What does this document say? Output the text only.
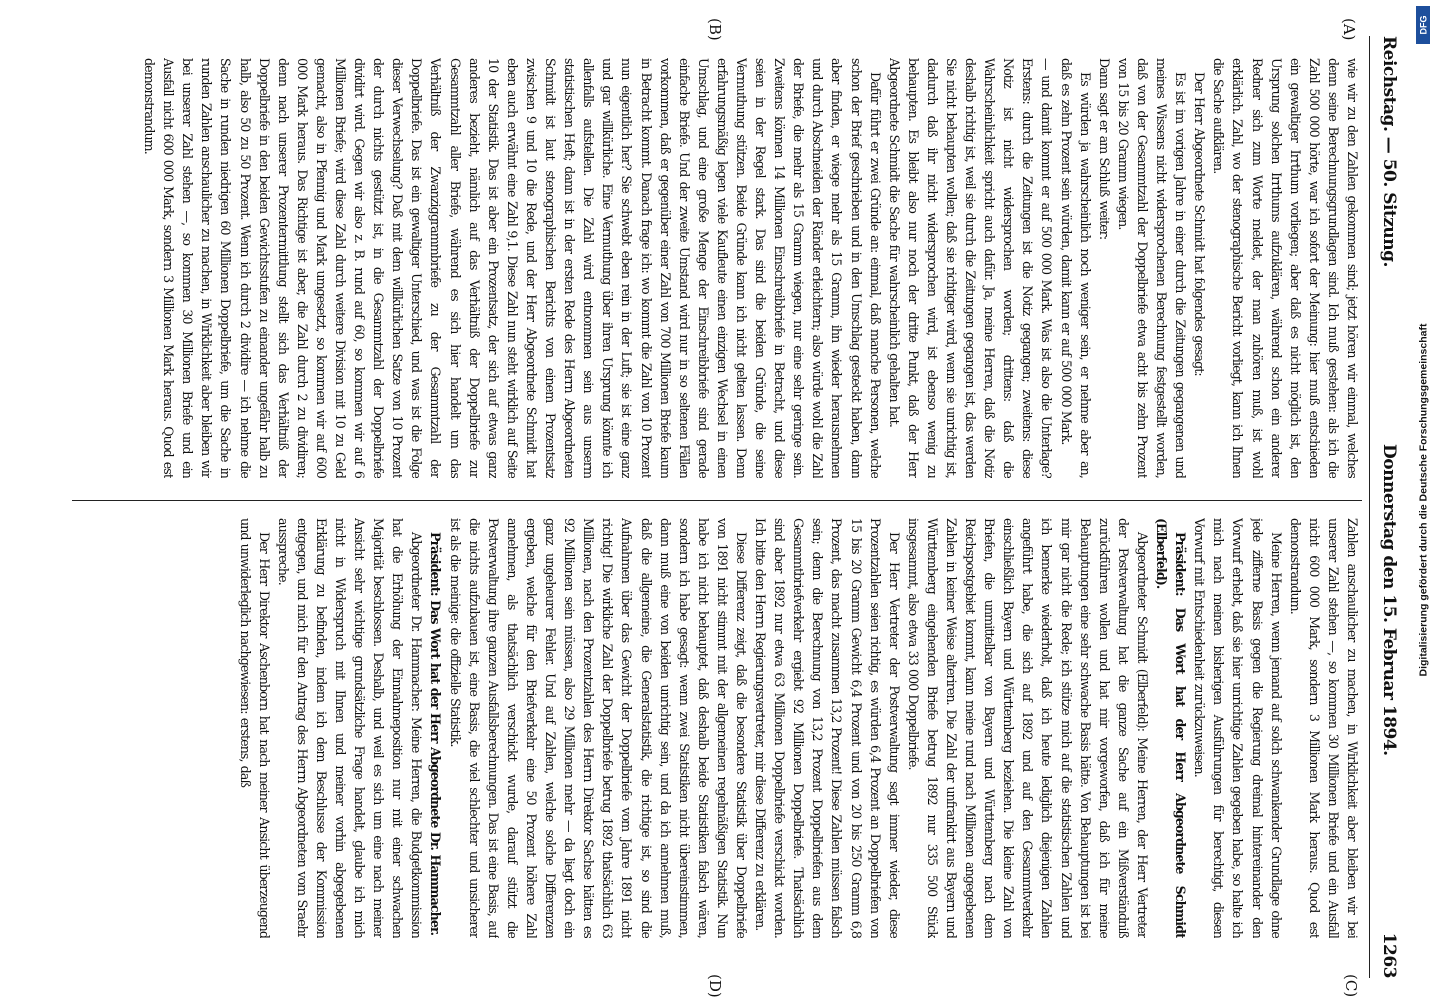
Reichstag. — 50. Sitzung.
Donnerstag den 15. Februar 1894.
1263
(A)
(B)
(C)
(D)

wie wir zu den Zahlen gekommen sind; jetzt hören wir einmal, welches denn seine Berechnungsgrundlagen sind. Ich muß gestehen: als ich die Zahl 500 000 hörte, war ich sofort der Meinung: hier muß entschieden ein gewaltiger Irrthum vorliegen; aber daß es nicht möglich ist, den Ursprung solchen Irrthums aufzuklären, während schon ein anderer Redner sich zum Worte meldet, der man zuhören muß, ist wohl erklärlich. Zahl, wo der stenographische Bericht vorliegt, kann ich Ihnen die Sache aufklären.

Der Herr Abgeordnete Schmidt hat folgendes gesagt:

Es ist im vorigen Jahre in einer durch die Zeitungen gegangenen und meines Wissens nicht widersprochenen Berechnung festgestellt worden, daß von der Gesammtzahl der Doppelbriefe etwa acht bis zehn Prozent von 15 bis 20 Gramm wiegen.

Dann sagt er am Schluß weiter:

Es würden ja wahrscheinlich noch weniger sein, er nehme aber an, daß es zehn Prozent sein würden, damit kann er auf 500 000 Mark.

— und damit kommt er auf 500 000 Mark. Was ist also die Unterlage? Erstens: durch die Zeitungen ist die Notiz gegangen; zweitens: diese Notiz ist nicht widersprochen worden; drittens: daß die Wahrscheinlichkeit spricht auch dafür. Ja, meine Herren, daß die Notiz deshalb richtig ist, weil sie durch die Zeitungen gegangen ist, das werden Sie nicht behaupten wollen; daß sie richtiger wird, wenn sie unrichtig ist, dadurch daß ihr nicht widersprochen wird, ist ebenso wenig zu behaupten. Es bleibt also nur noch der dritte Punkt, daß der Herr Abgeordnete Schmidt die Sache für wahrscheinlich gehalten hat.

Dafür führt er zwei Gründe an: einmal, daß manche Personen, welche schon der Brief geschrieben und in den Umschlag gesteckt haben, dann aber finden, er wiege mehr als 15 Gramm, ihn wieder herausnehmen und durch Abschneiden der Ränder erleichtern; also würde wohl die Zahl der Briefe, die mehr als 15 Gramm wiegen, nur eine sehr geringe sein. Zweitens können 14 Millionen Einschreibbriefe in Betracht, und diese seien in der Regel stark. Das sind die beiden Gründe, die seine Vermuthung stützen. Beide Gründe kann ich nicht gelten lassen. Denn erfahrungsmäßig legen viele Kaufleute einen einzigen Wechsel in einen Umschlag, und eine große Menge der Einschreibbriefe sind gerade einfache Briefe. Und der zweite Umstand wird nur in so seltenen Fällen vorkommen, daß er gegenüber einer Zahl von 700 Millionen Briefe kaum in Betracht kommt. Danach frage ich: wo kommt die Zahl von 10 Prozent nun eigentlich her? Sie schwebt eben rein in der Luft; sie ist eine ganz und gar willkürliche. Eine Vermuthung über ihren Ursprung könnte ich allenfalls aufstellen. Die Zahl wird entnommen sein aus unserm statistischen Heft; dann ist in der ersten Rede des Herrn Abgeordneten Schmidt ist laut stenographischen Berichts von einem Prozentsatz zwischen 9 und 10 die Rede, und der Herr Abgeordnete Schmidt hat eben auch erwähnt eine Zahl 9,1. Diese Zahl nun steht wirklich auf Seite 10 der Statistik. Das ist aber ein Prozentsatz, der sich auf etwas ganz anderes bezieht, nämlich auf das Verhältniß der Doppelbriefe zur Gesammtzahl aller Briefe, während es sich hier handelt um das Verhältniß der Zwanziggrammbriefe zu der Gesammtzahl der Doppelbriefe. Das ist ein gewaltiger Unterschied, und was ist die Folge dieser Verwechselung? Daß mit dem willkürlichen Satze von 10 Prozent der durch nichts gestützt ist, in die Gesammtzahl der Doppelbriefe dividirt wird. Gegen wir also z. B. rund auf 60, so kommen wir auf 6 Millionen Briefe; wird diese Zahl durch weitere Division mit 10 zu Geld gemacht, also in Pfennig und Mark umgesetzt, so kommen wir auf 600 000 Mark heraus. Das Richtige ist aber, die Zahl durch 2 zu dividiren; denn nach unserer Prozentermittlung stellt sich das Verhältniß der Doppelbriefe in den beiden Gewichtsstufen zu einander ungefähr halb zu halb, also 50 zu 50 Prozent. Wenn ich durch 2 dividire — ich nehme die Sache in runden niedrigen 60 Millionen Doppelbriefe, um die Sache in runden Zahlen anschaulicher zu machen, in Wirklichkeit aber bleiben wir bei unserer Zahl stehen —, so kommen 30 Millionen Briefe und ein Ausfall nicht 600 000 Mark, sondern 3 Millionen Mark heraus. Quod est demonstrandum.

Zahlen anschaulicher zu machen, in Wirklichkeit aber bleiben wir bei unserer Zahl stehen —, so kommen 30 Millionen Briefe und ein Ausfall nicht 600 000 Mark, sondern 3 Millionen Mark heraus. Quod est demonstrandum.

Meine Herren, wenn jemand auf solch schwankender Grundlage ohne jede zifferne Basis gegen die Regierung dreimal hintereinander den Vorwurf erhebt, daß sie hier unrichtige Zahlen gegeben habe, so halte ich mich nach meinen bisherigen Ausführungen für berechtigt, diesen Vorwurf mit Entschiedenheit zurückzuweisen.

Präsident: Das Wort hat der Herr Abgeordnete Schmidt (Elberfeld).

Abgeordneter Schmidt (Elberfeld): Meine Herren, der Herr Vertreter der Postverwaltung hat die ganze Sache auf ein Mißverständniß zurückführen wollen und hat mir vorgeworfen, daß ich für meine Behauptungen eine sehr schwache Basis hätte. Von Behauptungen ist bei mir gar nicht die Rede; ich stütze mich auf die statistischen Zahlen und ich bemerke wiederholt, daß ich heute lediglich diejenigen Zahlen angeführt habe, die sich auf 1892 und auf den Gesammtverkehr einschließlich Bayern und Württemberg beziehen. Die kleine Zahl von Briefen, die unmittelbar von Bayern und Württemberg nach dem Reichspostgebiet kommt, kann meine rund nach Millionen angegebenen Zahlen in keiner Weise alteriren. Die Zahl der unfrankirt aus Bayern und Württemberg eingehenden Briefe betrug 1892 nur 335 500 Stück insgesammt, also etwa 33 000 Doppelbriefe.

Der Herr Vertreter der Postverwaltung sagt immer wieder, diese Prozentzahlen seien richtig, es würden 6,4 Prozent an Doppelbriefen von 15 bis 20 Gramm Gewicht 6,4 Prozent und von 20 bis 250 Gramm 6,8 Prozent, das macht zusammen 13,2 Prozent! Diese Zahlen müssen falsch sein; denn die Berechnung von 13,2 Prozent Doppelbriefen aus dem Gesammtbriefverkehr ergiebt 92 Millionen Doppelbriefe. Thatsächlich sind aber 1892 nur etwa 63 Millionen Doppelbriefe verschickt worden. Ich bitte den Herrn Regierungsvertreter, mir diese Differenz zu erklären.

Diese Differenz zeigt, daß die besondere Statistik über Doppelbriefe von 1891 nicht stimmt mit der allgemeinen regelmäßigen Statistik. Nun habe ich nicht behauptet, daß deshalb beide Statistiken falsch wären, sondern ich habe gesagt: wenn zwei Statistiken nicht übereinstimmen, dann muß eine von beiden unrichtig sein, und da ich annehmen muß, daß die allgemeine, die Generalstatistik, die richtige ist, so sind die Aufnahmen über das Gewicht der Doppelbriefe vom Jahre 1891 nicht richtig! Die wirkliche Zahl der Doppelbriefe betrug 1892 thatsächlich 63 Millionen, nach den Prozentzahlen des Herrn Direktor Sachse hätten es 92 Millionen sein müssen, also 29 Millionen mehr — da liegt doch ein ganz ungeheurer Fehler. Und auf Zahlen, welche solche Differenzen ergeben, welche für den Briefverkehr eine 50 Prozent höhere Zahl annehmen, als thatsächlich verschickt wurde, darauf stützt die Postverwaltung ihre ganzen Ausfallsberechnungen. Das ist eine Basis, auf die nichts aufzubauen ist, eine Basis, die viel schlechter und unsicherer ist als die meinige: die offizielle Statistik.

Präsident: Das Wort hat der Herr Abgeordnete Dr. Hammacher.

Abgeordneter Dr. Hammacher: Meine Herren, die Budgetkommission hat die Erhöhung der Einnahmeposition nur mit einer schwachen Majorität beschlossen. Deshalb, und weil es sich um eine nach meiner Ansicht sehr wichtige grundsätzliche Frage handelt, glaube ich mich nicht in Widerspruch mit Ihnen und meiner vorhin abgegebenen Erklärung zu befinden, indem ich dem Beschlusse der Kommission entgegen, und mich für den Antrag des Herrn Abgeordneten vom Sraehr ausspreche.

Der Herr Direktor Aschenborn hat nach meiner Ansicht überzeugend und unwiderleglich nachgewiesen: erstens, daß

DFG
Digitalisierung gefördert durch die Deutsche Forschungsgemeinschaft
